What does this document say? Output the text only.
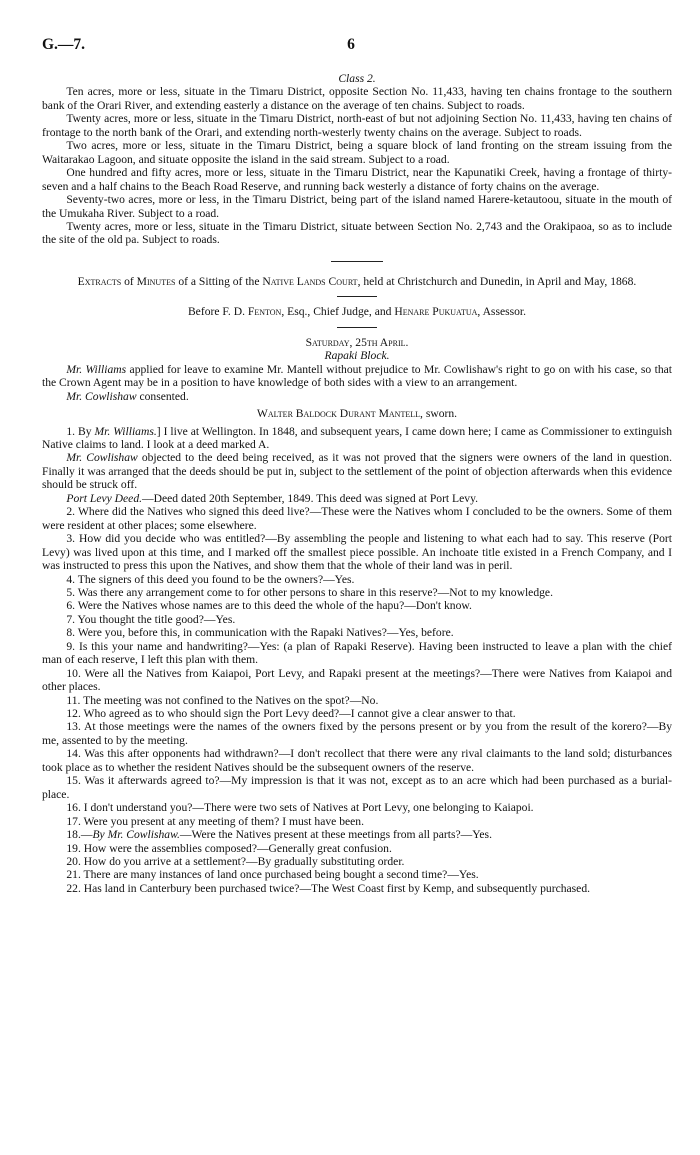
G.—7.	6

Class 2.

Ten acres, more or less, situate in the Timaru District, opposite Section No. 11,433, having ten chains frontage to the southern bank of the Orari River, and extending easterly a distance on the average of ten chains. Subject to roads.

Twenty acres, more or less, situate in the Timaru District, north-east of but not adjoining Section No. 11,433, having ten chains of frontage to the north bank of the Orari, and extending north-westerly twenty chains on the average. Subject to roads.

Two acres, more or less, situate in the Timaru District, being a square block of land fronting on the stream issuing from the Waitarakao Lagoon, and situate opposite the island in the said stream. Subject to a road.

One hundred and fifty acres, more or less, situate in the Timaru District, near the Kapunatiki Creek, having a frontage of thirty-seven and a half chains to the Beach Road Reserve, and running back westerly a distance of forty chains on the average.

Seventy-two acres, more or less, in the Timaru District, being part of the island named Harere-ketautoou, situate in the mouth of the Umukaha River. Subject to a road.

Twenty acres, more or less, situate in the Timaru District, situate between Section No. 2,743 and the Orakipaoa, so as to include the site of the old pa. Subject to roads.

Extracts of Minutes of a Sitting of the Native Lands Court, held at Christchurch and Dunedin, in April and May, 1868.

Before F. D. Fenton, Esq., Chief Judge, and Henare Pukuatua, Assessor.

Saturday, 25th April.

Rapaki Block.

Mr. Williams applied for leave to examine Mr. Mantell without prejudice to Mr. Cowlishaw's right to go on with his case, so that the Crown Agent may be in a position to have knowledge of both sides with a view to an arrangement.

Mr. Cowlishaw consented.

Walter Baldock Durant Mantell, sworn.

1. By Mr. Williams.] I live at Wellington. In 1848, and subsequent years, I came down here; I came as Commissioner to extinguish Native claims to land. I look at a deed marked A.

Mr. Cowlishaw objected to the deed being received, as it was not proved that the signers were owners of the land in question. Finally it was arranged that the deeds should be put in, subject to the settlement of the point of objection afterwards when this evidence should be struck off.

Port Levy Deed.—Deed dated 20th September, 1849. This deed was signed at Port Levy.

2. Where did the Natives who signed this deed live?—These were the Natives whom I concluded to be the owners. Some of them were resident at other places; some elsewhere.

3. How did you decide who was entitled?—By assembling the people and listening to what each had to say. This reserve (Port Levy) was lived upon at this time, and I marked off the smallest piece possible. An inchoate title existed in a French Company, and I was instructed to press this upon the Natives, and show them that the whole of their land was in peril.

4. The signers of this deed you found to be the owners?—Yes.

5. Was there any arrangement come to for other persons to share in this reserve?—Not to my knowledge.

6. Were the Natives whose names are to this deed the whole of the hapu?—Don't know.

7. You thought the title good?—Yes.

8. Were you, before this, in communication with the Rapaki Natives?—Yes, before.

9. Is this your name and handwriting?—Yes: (a plan of Rapaki Reserve). Having been instructed to leave a plan with the chief man of each reserve, I left this plan with them.

10. Were all the Natives from Kaiapoi, Port Levy, and Rapaki present at the meetings?—There were Natives from Kaiapoi and other places.

11. The meeting was not confined to the Natives on the spot?—No.

12. Who agreed as to who should sign the Port Levy deed?—I cannot give a clear answer to that.

13. At those meetings were the names of the owners fixed by the persons present or by you from the result of the korero?—By me, assented to by the meeting.

14. Was this after opponents had withdrawn?—I don't recollect that there were any rival claimants to the land sold; disturbances took place as to whether the resident Natives should be the subsequent owners of the reserve.

15. Was it afterwards agreed to?—My impression is that it was not, except as to an acre which had been purchased as a burial-place.

16. I don't understand you?—There were two sets of Natives at Port Levy, one belonging to Kaiapoi.

17. Were you present at any meeting of them? I must have been.

18.—By Mr. Cowlishaw.—Were the Natives present at these meetings from all parts?—Yes.

19. How were the assemblies composed?—Generally great confusion.

20. How do you arrive at a settlement?—By gradually substituting order.

21. There are many instances of land once purchased being bought a second time?—Yes.

22. Has land in Canterbury been purchased twice?—The West Coast first by Kemp, and subsequently purchased.
